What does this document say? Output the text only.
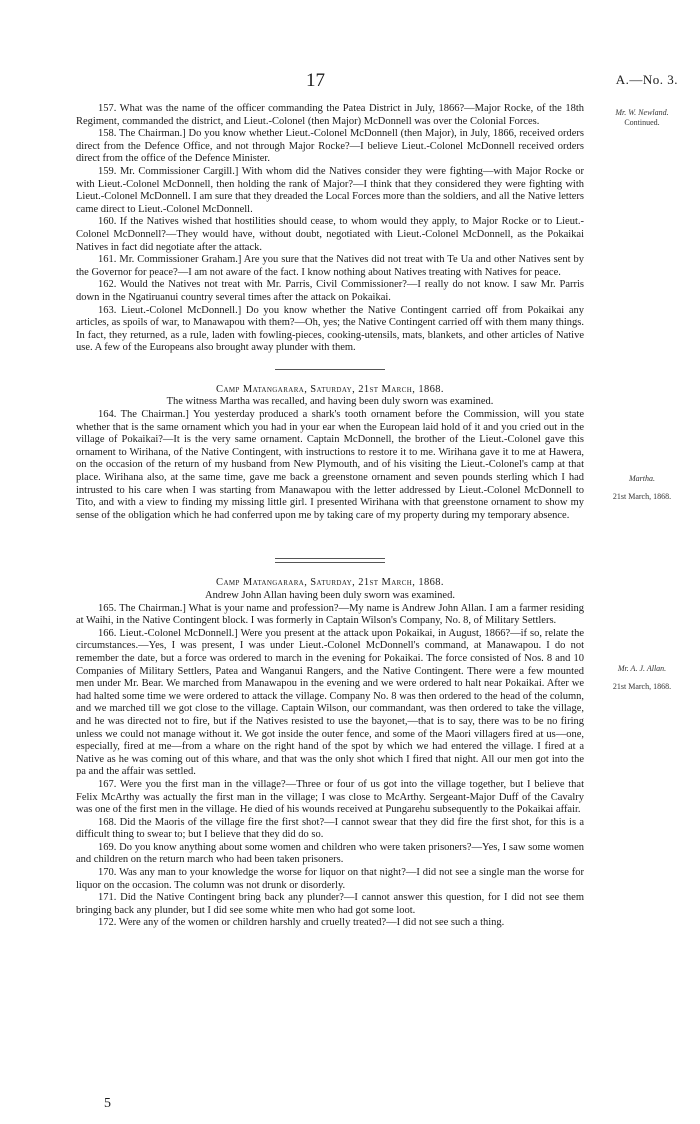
17	A.—No. 3.
Mr. W. Newland.
Continued.
Martha.
21st March, 1868.
Mr. A. J. Allan.
21st March, 1868.

157. What was the name of the officer commanding the Patea District in July, 1866?—Major Rocke, of the 18th Regiment, commanded the district, and Lieut.-Colonel (then Major) McDonnell was over the Colonial Forces.

158. The Chairman.] Do you know whether Lieut.-Colonel McDonnell (then Major), in July, 1866, received orders direct from the Defence Office, and not through Major Rocke?—I believe Lieut.-Colonel McDonnell received orders direct from the office of the Defence Minister.

159. Mr. Commissioner Cargill.] With whom did the Natives consider they were fighting—with Major Rocke or with Lieut.-Colonel McDonnell, then holding the rank of Major?—I think that they considered they were fighting with Lieut.-Colonel McDonnell. I am sure that they dreaded the Local Forces more than the soldiers, and all the Native letters came direct to Lieut.-Colonel McDonnell.

160. If the Natives wished that hostilities should cease, to whom would they apply, to Major Rocke or to Lieut.-Colonel McDonnell?—They would have, without doubt, negotiated with Lieut.-Colonel McDonnell, as the Pokaikai Natives in fact did negotiate after the attack.

161. Mr. Commissioner Graham.] Are you sure that the Natives did not treat with Te Ua and other Natives sent by the Governor for peace?—I am not aware of the fact. I know nothing about Natives treating with Natives for peace.

162. Would the Natives not treat with Mr. Parris, Civil Commissioner?—I really do not know. I saw Mr. Parris down in the Ngatiruanui country several times after the attack on Pokaikai.

163. Lieut.-Colonel McDonnell.] Do you know whether the Native Contingent carried off from Pokaikai any articles, as spoils of war, to Manawapou with them?—Oh, yes; the Native Contingent carried off with them many things. In fact, they returned, as a rule, laden with fowling-pieces, cooking-utensils, mats, blankets, and other articles of Native use. A few of the Europeans also brought away plunder with them.

Camp Matangarara, Saturday, 21st March, 1868.

The witness Martha was recalled, and having been duly sworn was examined.

164. The Chairman.] You yesterday produced a shark's tooth ornament before the Commission, will you state whether that is the same ornament which you had in your ear when the European laid hold of it and you cried out in the village of Pokaikai?—It is the very same ornament. Captain McDonnell, the brother of the Lieut.-Colonel gave this ornament to Wirihana, of the Native Contingent, with instructions to restore it to me. Wirihana gave it to me at Hawera, on the occasion of the return of my husband from New Plymouth, and of his visiting the Lieut.-Colonel's camp at that place. Wirihana also, at the same time, gave me back a greenstone ornament and seven pounds sterling which I had intrusted to his care when I was starting from Manawapou with the letter addressed by Lieut.-Colonel McDonnell to Tito, and with a view to finding my missing little girl. I presented Wirihana with that greenstone ornament to show my sense of the obligation which he had conferred upon me by taking care of my property during my temporary absence.

Camp Matangarara, Saturday, 21st March, 1868.

Andrew John Allan having been duly sworn was examined.

165. The Chairman.] What is your name and profession?—My name is Andrew John Allan. I am a farmer residing at Waihi, in the Native Contingent block. I was formerly in Captain Wilson's Company, No. 8, of Military Settlers.

166. Lieut.-Colonel McDonnell.] Were you present at the attack upon Pokaikai, in August, 1866?—if so, relate the circumstances.—Yes, I was present, I was under Lieut.-Colonel McDonnell's command, at Manawapou. I do not remember the date, but a force was ordered to march in the evening for Pokaikai. The force consisted of Nos. 8 and 10 Companies of Military Settlers, Patea and Wanganui Rangers, and the Native Contingent. There were a few mounted men under Mr. Bear. We marched from Manawapou in the evening and we were ordered to halt near Pokaikai. After we had halted some time we were ordered to attack the village. Company No. 8 was then ordered to the head of the column, and we marched till we got close to the village. Captain Wilson, our commandant, was then ordered to take the village, and he was directed not to fire, but if the Natives resisted to use the bayonet,—that is to say, there was to be no firing unless we could not manage without it. We got inside the outer fence, and some of the Maori villagers fired at us—one, especially, fired at me—from a whare on the right hand of the spot by which we had entered the village. I fired at a Native as he was coming out of this whare, and that was the only shot which I fired that night. All our men got into the pa and the affair was settled.

167. Were you the first man in the village?—Three or four of us got into the village together, but I believe that Felix McArthy was actually the first man in the village; I was close to McArthy. Sergeant-Major Duff of the Cavalry was one of the first men in the village. He died of his wounds received at Pungarehu subsequently to the Pokaikai affair.

168. Did the Maoris of the village fire the first shot?—I cannot swear that they did fire the first shot, for this is a difficult thing to swear to; but I believe that they did do so.

169. Do you know anything about some women and children who were taken prisoners?—Yes, I saw some women and children on the return march who had been taken prisoners.

170. Was any man to your knowledge the worse for liquor on that night?—I did not see a single man the worse for liquor on the occasion. The column was not drunk or disorderly.

171. Did the Native Contingent bring back any plunder?—I cannot answer this question, for I did not see them bringing back any plunder, but I did see some white men who had got some loot.

172. Were any of the women or children harshly and cruelly treated?—I did not see such a thing.

5
